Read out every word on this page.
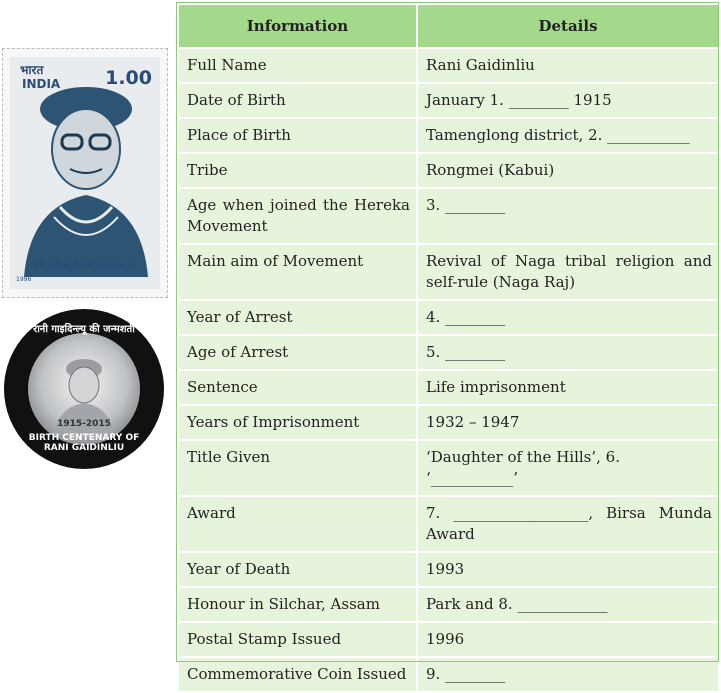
भारत
INDIA 1.00
रानी गाइदिन्ल्यू RANI GAIDINLIU
1996
रानी गाइदिन्ल्यू की जन्मशती
1915-2015
BIRTH CENTENARY OF RANI GAIDINLIU
Information	Details
Full Name	Rani Gaidinliu
Date of Birth	January 1. ________ 1915
Place of Birth	Tamenglong district, 2. ___________
Tribe	Rongmei (Kabui)
Age when joined the Hereka Movement	3. ________
Main aim of Movement	Revival of Naga tribal religion and self-rule (Naga Raj)
Year of Arrest	4. ________
Age of Arrest	5. ________
Sentence	Life imprisonment
Years of Imprisonment	1932 – 1947
Title Given	‘Daughter of the Hills’, 6. ‘___________’
Award	7. __________________, Birsa Munda Award
Year of Death	1993
Honour in Silchar, Assam	Park and 8. ____________
Postal Stamp Issued	1996
Commemorative Coin Issued	9. ________
